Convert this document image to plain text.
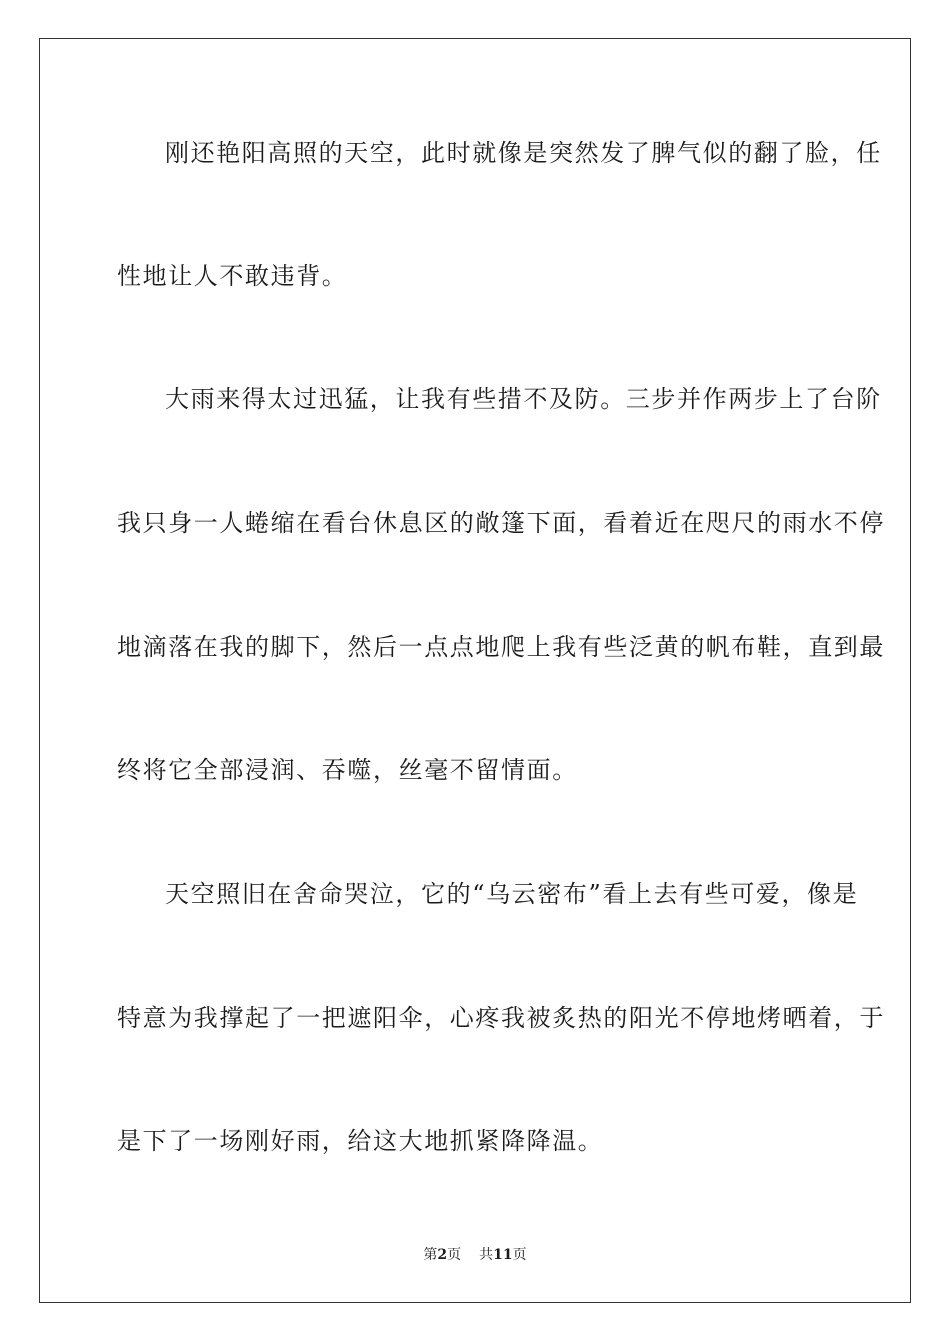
刚还艳阳高照的天空，此时就像是突然发了脾气似的翻了脸，任
性地让人不敢违背。
大雨来得太过迅猛，让我有些措不及防。三步并作两步上了台阶
我只身一人蜷缩在看台休息区的敞篷下面，看着近在咫尺的雨水不停
地滴落在我的脚下，然后一点点地爬上我有些泛黄的帆布鞋，直到最
终将它全部浸润、吞噬，丝毫不留情面。
天空照旧在舍命哭泣，它的“乌云密布”看上去有些可爱，像是
特意为我撑起了一把遮阳伞，心疼我被炙热的阳光不停地烤晒着，于
是下了一场刚好雨，给这大地抓紧降降温。
第2页 共11页
